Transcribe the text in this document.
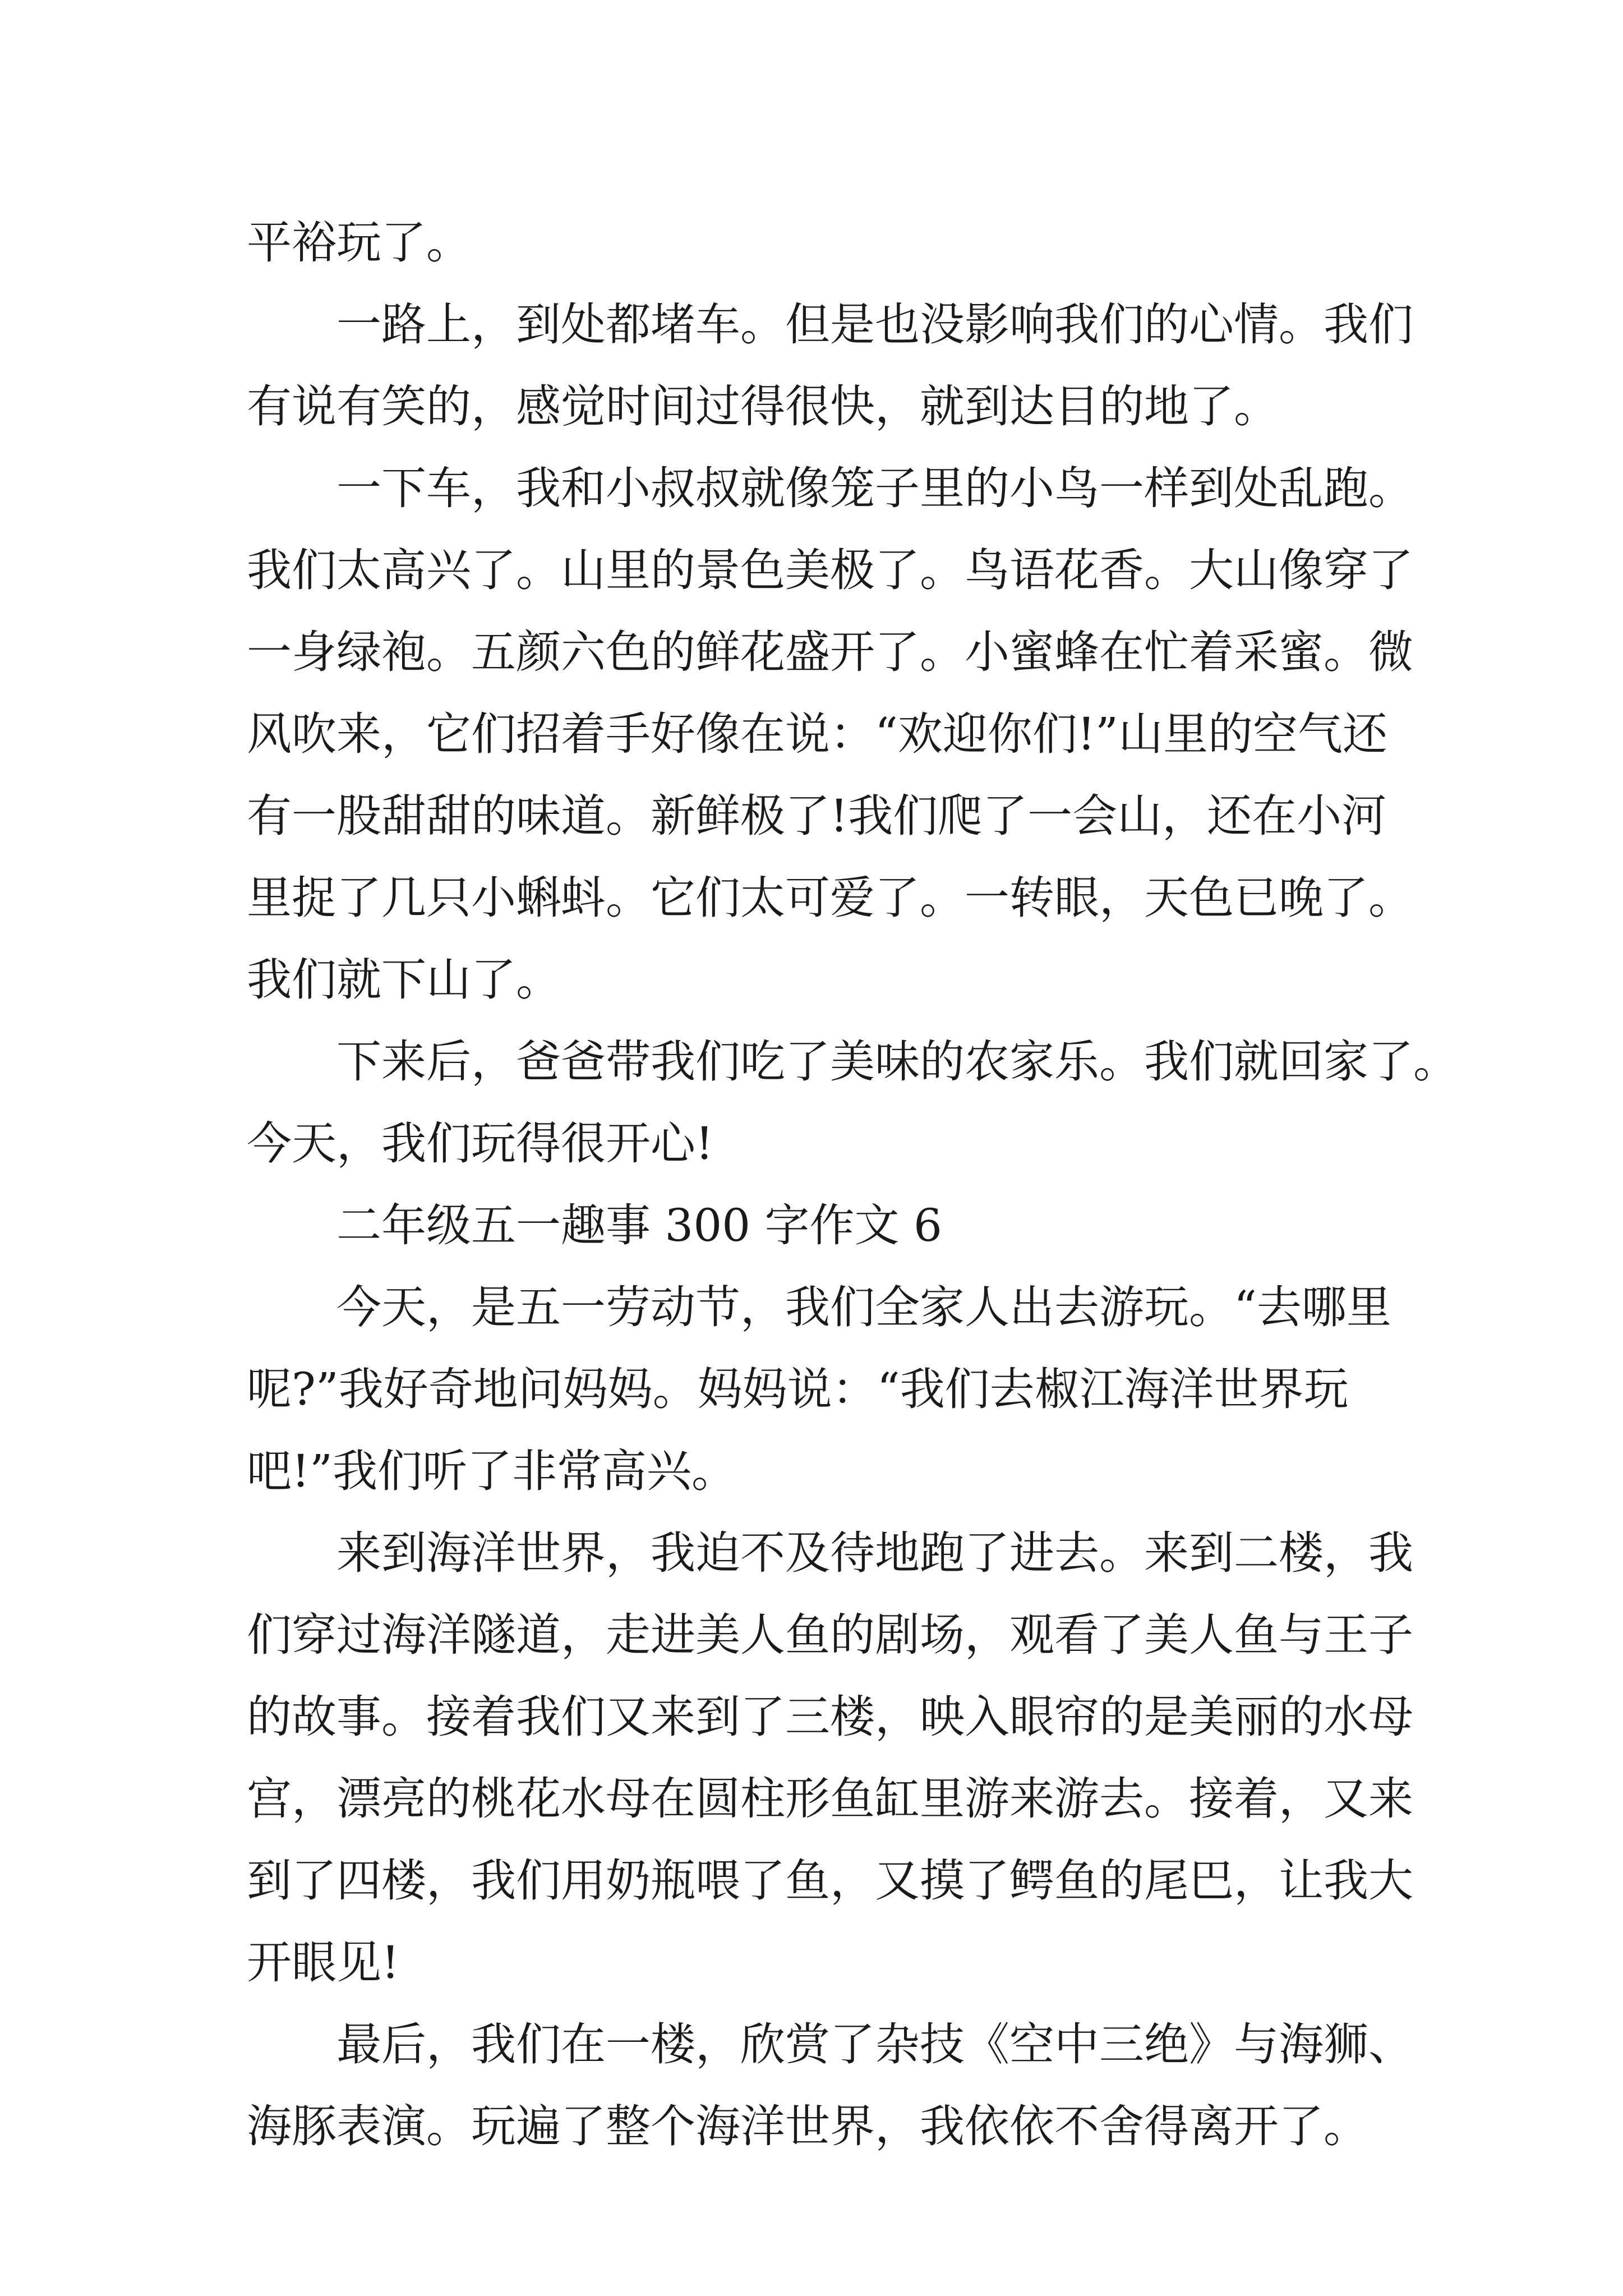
平裕玩了。
一路上，到处都堵车。但是也没影响我们的心情。我们
有说有笑的，感觉时间过得很快，就到达目的地了。
一下车，我和小叔叔就像笼子里的小鸟一样到处乱跑。
我们太高兴了。山里的景色美极了。鸟语花香。大山像穿了
一身绿袍。五颜六色的鲜花盛开了。小蜜蜂在忙着采蜜。微
风吹来，它们招着手好像在说：“欢迎你们!”山里的空气还
有一股甜甜的味道。新鲜极了!我们爬了一会山，还在小河
里捉了几只小蝌蚪。它们太可爱了。一转眼，天色已晚了。
我们就下山了。
下来后，爸爸带我们吃了美味的农家乐。我们就回家了。
今天，我们玩得很开心!
二年级五一趣事 300 字作文 6
今天，是五一劳动节，我们全家人出去游玩。“去哪里
呢?”我好奇地问妈妈。妈妈说：“我们去椒江海洋世界玩
吧!”我们听了非常高兴。
来到海洋世界，我迫不及待地跑了进去。来到二楼，我
们穿过海洋隧道，走进美人鱼的剧场，观看了美人鱼与王子
的故事。接着我们又来到了三楼，映入眼帘的是美丽的水母
宫，漂亮的桃花水母在圆柱形鱼缸里游来游去。接着，又来
到了四楼，我们用奶瓶喂了鱼，又摸了鳄鱼的尾巴，让我大
开眼见!
最后，我们在一楼，欣赏了杂技《空中三绝》与海狮、
海豚表演。玩遍了整个海洋世界，我依依不舍得离开了。
